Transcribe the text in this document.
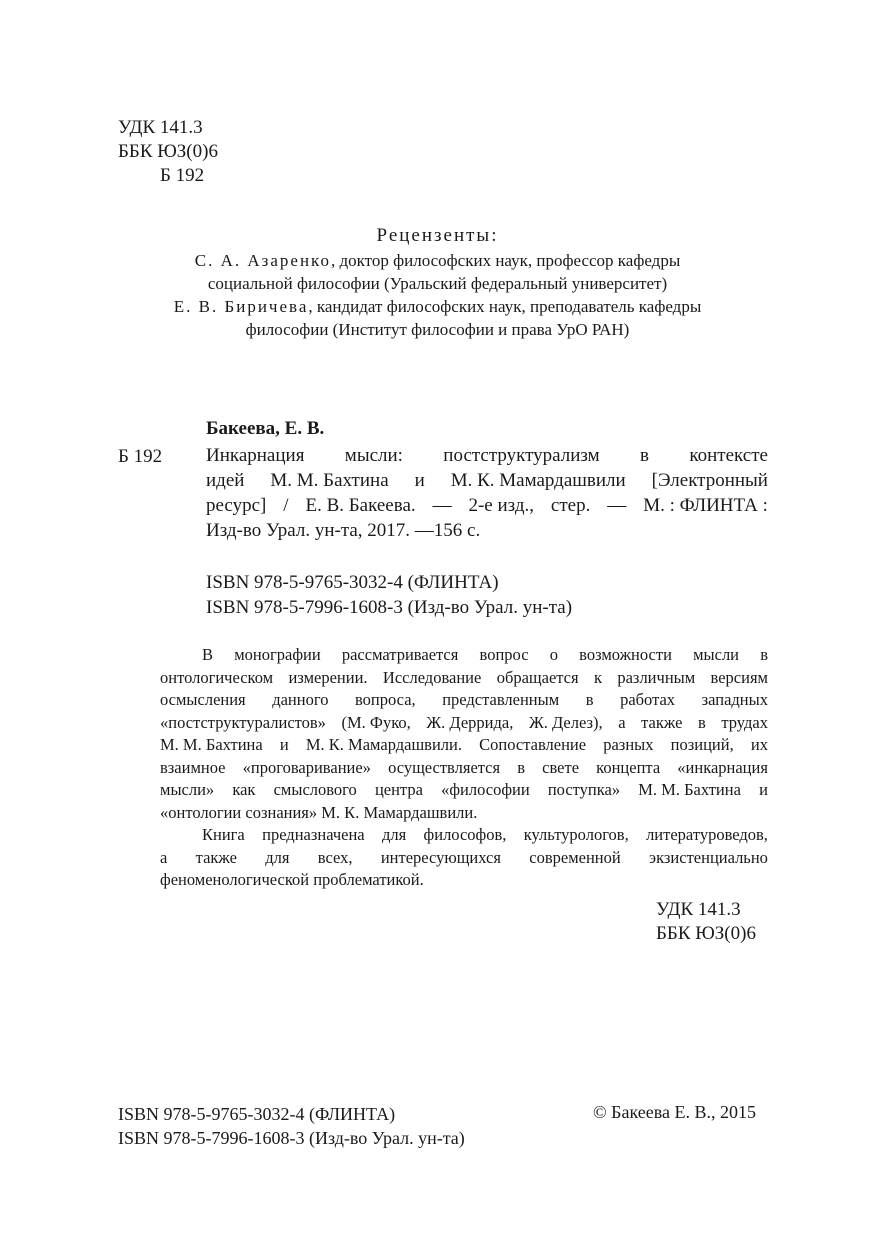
УДК 141.3
ББК ЮЗ(0)6
Б 192
Рецензенты:
С. А. Азаренко, доктор философских наук, профессор кафедры
социальной философии (Уральский федеральный университет)
Е. В. Биричева, кандидат философских наук, преподаватель кафедры
философии (Институт философии и права УрО РАН)
Бакеева, Е. В.
Б 192 Инкарнация мысли: постструктурализм в контексте
идей М. М. Бахтина и М. К. Мамардашвили [Электронный
ресурс] / Е. В. Бакеева. — 2-е изд., стер. — М. : ФЛИНТА :
Изд-во Урал. ун-та, 2017. —156 с.
ISBN 978-5-9765-3032-4 (ФЛИНТА)
ISBN 978-5-7996-1608-3 (Изд-во Урал. ун-та)
В монографии рассматривается вопрос о возможности мысли в
онтологическом измерении. Исследование обращается к различным версиям
осмысления данного вопроса, представленным в работах западных
«постструктуралистов» (М. Фуко, Ж. Деррида, Ж. Делез), а также в трудах
М. М. Бахтина и М. К. Мамардашвили. Сопоставление разных позиций, их
взаимное «проговаривание» осуществляется в свете концепта «инкарнация
мысли» как смыслового центра «философии поступка» М. М. Бахтина и
«онтологии сознания» М. К. Мамардашвили.
Книга предназначена для философов, культурологов, литературоведов,
а также для всех, интересующихся современной экзистенциально
феноменологической проблематикой.
УДК 141.3
ББК ЮЗ(0)6
ISBN 978-5-9765-3032-4 (ФЛИНТА)
ISBN 978-5-7996-1608-3 (Изд-во Урал. ун-та)
© Бакеева Е. В., 2015
